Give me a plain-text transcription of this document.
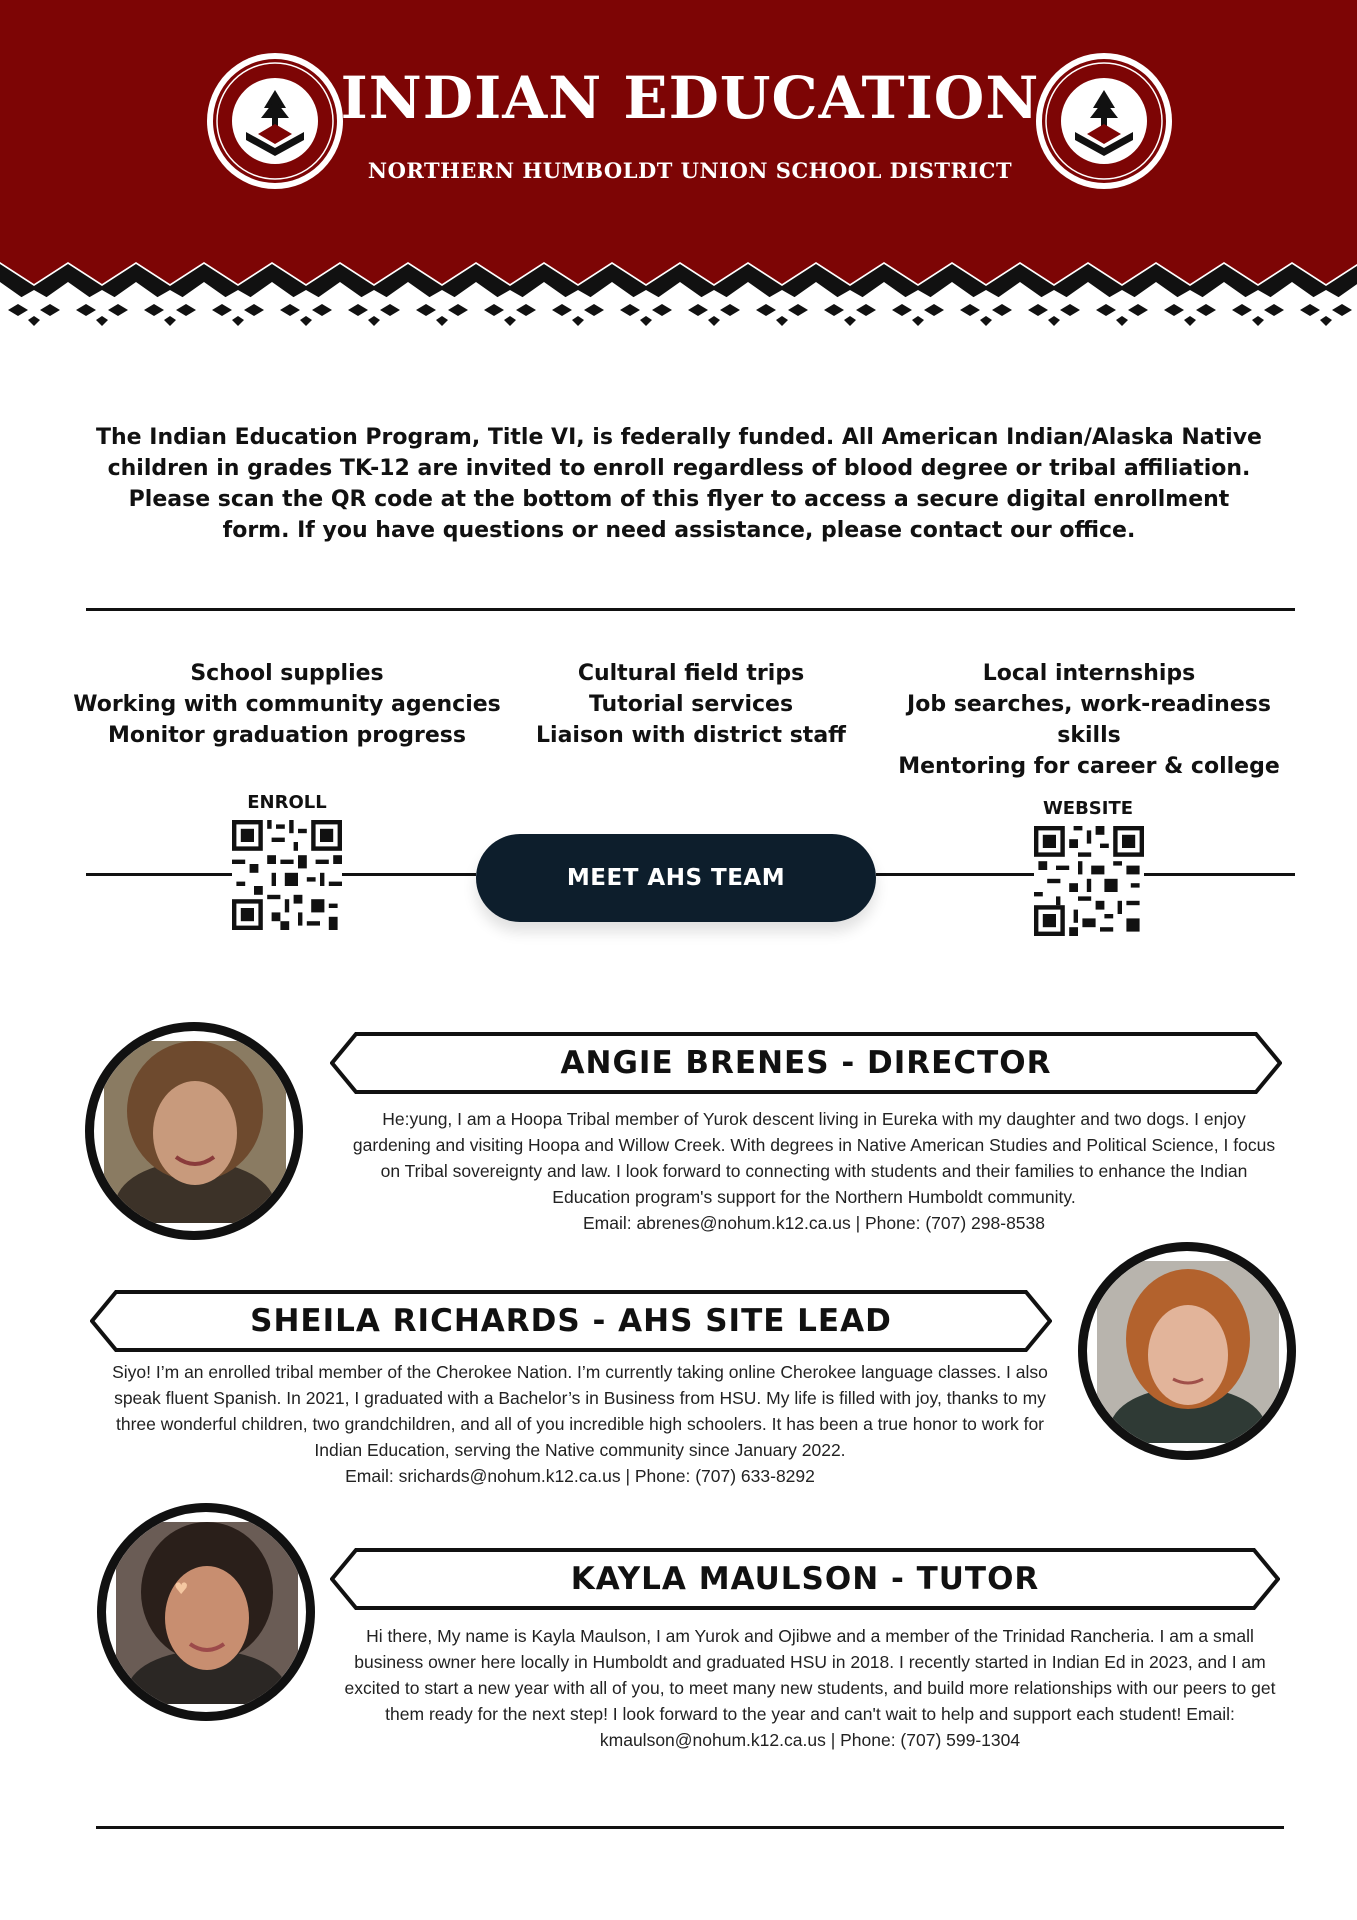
INDIAN EDUCATION
NORTHERN HUMBOLDT UNION SCHOOL DISTRICT

The Indian Education Program, Title VI, is federally funded. All American Indian/Alaska Native children in grades TK-12 are invited to enroll regardless of blood degree or tribal affiliation. Please scan the QR code at the bottom of this flyer to access a secure digital enrollment form. If you have questions or need assistance, please contact our office.

School supplies
Working with community agencies
Monitor graduation progress
Cultural field trips
Tutorial services
Liaison with district staff
Local internships
Job searches, work-readiness skills
Mentoring for career & college
ENROLL
MEET AHS TEAM
WEBSITE
ANGIE BRENES - DIRECTOR

He:yung, I am a Hoopa Tribal member of Yurok descent living in Eureka with my daughter and two dogs. I enjoy gardening and visiting Hoopa and Willow Creek. With degrees in Native American Studies and Political Science, I focus on Tribal sovereignty and law. I look forward to connecting with students and their families to enhance the Indian Education program's support for the Northern Humboldt community.
Email: abrenes@nohum.k12.ca.us | Phone: (707) 298-8538

SHEILA RICHARDS - AHS SITE LEAD

Siyo! I’m an enrolled tribal member of the Cherokee Nation. I’m currently taking online Cherokee language classes. I also speak fluent Spanish. In 2021, I graduated with a Bachelor’s in Business from HSU. My life is filled with joy, thanks to my three wonderful children, two grandchildren, and all of you incredible high schoolers. It has been a true honor to work for Indian Education, serving the Native community since January 2022.
Email: srichards@nohum.k12.ca.us | Phone: (707) 633-8292

♥	KAYLA MAULSON - TUTOR

Hi there, My name is Kayla Maulson, I am Yurok and Ojibwe and a member of the Trinidad Rancheria. I am a small business owner here locally in Humboldt and graduated HSU in 2018. I recently started in Indian Ed in 2023, and I am excited to start a new year with all of you, to meet many new students, and build more relationships with our peers to get them ready for the next step! I look forward to the year and can't wait to help and support each student! Email: kmaulson@nohum.k12.ca.us | Phone: (707) 599-1304
